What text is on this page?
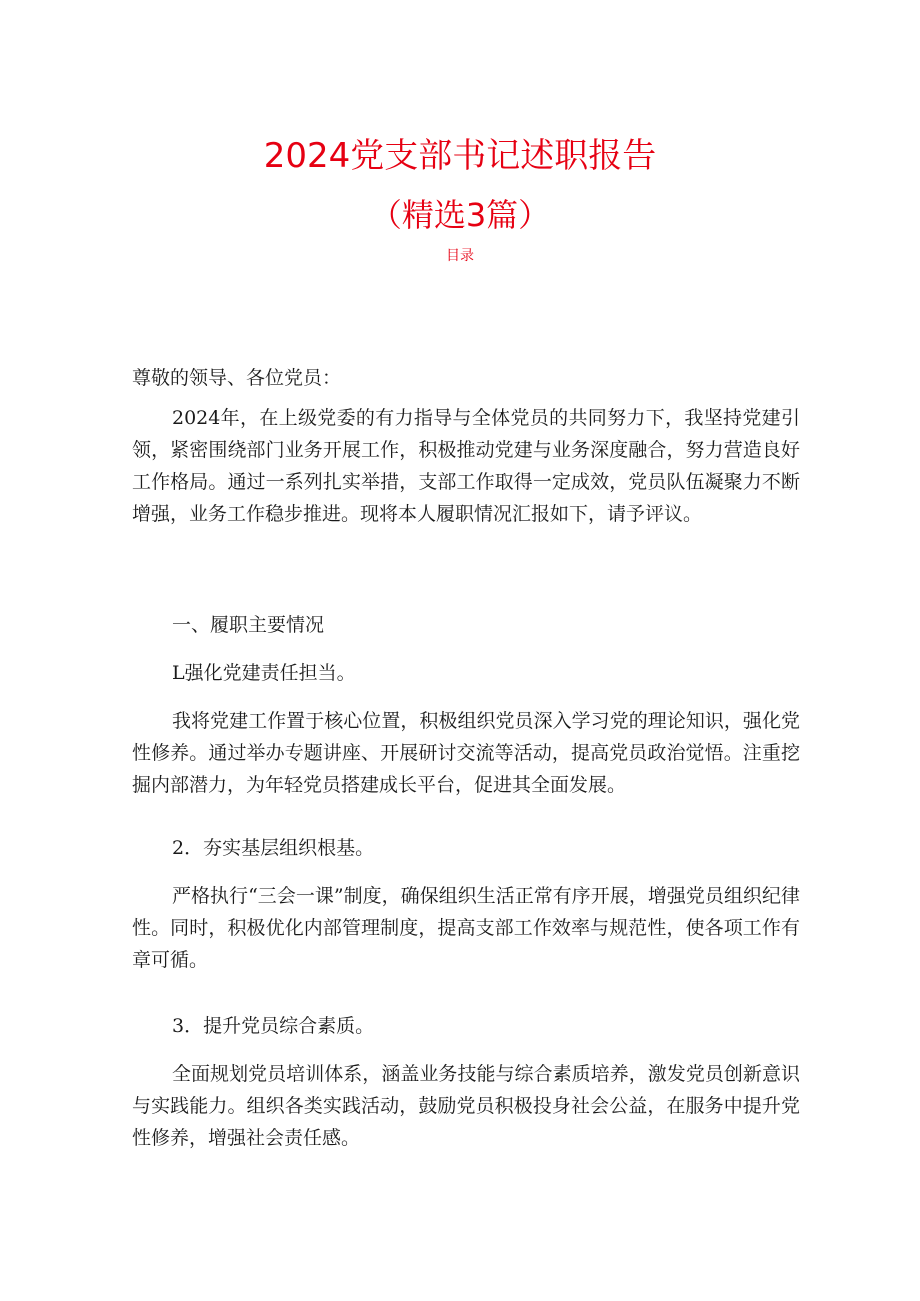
2024党支部书记述职报告
（精选3篇）
目录

尊敬的领导、各位党员：

2024年，在上级党委的有力指导与全体党员的共同努力下，我坚持党建引领，紧密围绕部门业务开展工作，积极推动党建与业务深度融合，努力营造良好工作格局。通过一系列扎实举措，支部工作取得一定成效，党员队伍凝聚力不断增强，业务工作稳步推进。现将本人履职情况汇报如下，请予评议。

一、履职主要情况

L强化党建责任担当。

我将党建工作置于核心位置，积极组织党员深入学习党的理论知识，强化党性修养。通过举办专题讲座、开展研讨交流等活动，提高党员政治觉悟。注重挖掘内部潜力，为年轻党员搭建成长平台，促进其全面发展。

2．夯实基层组织根基。

严格执行“三会一课”制度，确保组织生活正常有序开展，增强党员组织纪律性。同时，积极优化内部管理制度，提高支部工作效率与规范性，使各项工作有章可循。

3．提升党员综合素质。

全面规划党员培训体系，涵盖业务技能与综合素质培养，激发党员创新意识与实践能力。组织各类实践活动，鼓励党员积极投身社会公益，在服务中提升党性修养，增强社会责任感。
